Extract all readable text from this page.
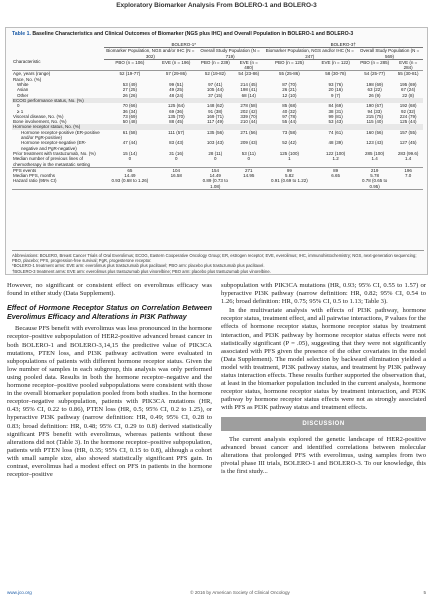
Exploratory Biomarker Analysis From BOLERO-1 and BOLERO-3
Table 1. Baseline Characteristics and Clinical Outcomes of Biomarker (NGS plus IHC) and Overall Population in BOLERO-1 and BOLERO-3
	BOLERO-1*				BOLERO-3†			
	Biomarker Population, NGS and/or IHC (N = 302)		Overall Study Population (N = 719)		Biomarker Population, NGS and/or IHC (N = 247)		Overall Study Population (N = 569)	
Characteristic	PBO (n = 106)	EVE (n = 196)	PBO (n = 239)	EVE (n = 480)	PBO (n = 125)	EVE (n = 122)	PBO (n = 285)	EVE (n = 284)
Age, years (range)	52 (19-77)	57 (29-86)	52 (19-82)	54 (23-86)	55 (25-86)	58 (30-78)	54 (25-77)	55 (30-81)
Race, No. (%)								
White	53 (49)	99 (51)	97 (41)	214 (45)	87 (70)	93 (76)	198 (69)	195 (69)
Asian	27 (25)	49 (25)	105 (44)	198 (41)	26 (21)	20 (16)	63 (22)	67 (24)
Other	26 (26)	48 (24)	37 (15)	68 (14)	12 (10)	9 (7)	26 (9)	22 (8)
ECOG performance status, No. (%)								
0	70 (66)	125 (64)	148 (62)	278 (58)	85 (68)	84 (69)	190 (67)	192 (68)
≥ 1	36 (34)	69 (36)	91 (38)	202 (42)	40 (32)	38 (31)	94 (33)	92 (32)
Visceral disease, No. (%)	73 (69)	135 (70)	169 (71)	339 (70)	97 (78)	99 (81)	215 (75)	224 (79)
Bone involvement, No. (%)	50 (48)	88 (45)	117 (49)	210 (44)	55 (44)	53 (43)	115 (40)	125 (44)
Hormone receptor status, No. (%)								
Hormone receptor-positive (ER-positive and/or PgR-positive)	61 (58)	111 (57)	135 (56)	271 (56)	73 (58)	74 (61)	160 (56)	157 (55)
Hormone receptor-negative (ER-negative and PgR-negative)	47 (44)	83 (43)	103 (43)	209 (43)	52 (42)	48 (39)	123 (43)	127 (45)
Prior treatment with trastuzumab, No. (%)	15 (14)	31 (16)	28 (11)	53 (11)	125 (100)	122 (100)	285 (100)	283 (99.6)
Median number of previous lines of chemotherapy in the metastatic setting	0	0	0	0	1	1.2	1.4	1.4
PFS events	65	104	154	271	99	89	219	196
Median PFS, months	14.49	16.58	14.49	14.95	5.82	6.65	5.78	7.0
Hazard ratio (95% CI)	0.93 (0.68 to 1.26)		0.89 (0.73 to 1.08)		0.91 (0.69 to 1.22)		0.78 (0.65 to 0.95)	
Abbreviations: BOLERO, Breast Cancer Trials of Oral Everolimus; ECOG, Eastern Cooperative Oncology Group; ER, estrogen receptor; EVE, everolimus; IHC, immunohistochemistry; NGS, next-generation sequencing; PBO, placebo; PFS, progression-free survival; PgR, progesterone receptor.
*BOLERO-1 treatment arms: EVE arm: everolimus plus trastuzumab plus paclitaxel; PBO arm: placebo plus trastuzumab plus paclitaxel.
†BOLERO-3 treatment arms: EVE arm: everolimus plus trastuzumab plus vinorelbine; PBO arm: placebo plus trastuzumab plus vinorelbine.

However, no significant or consistent effect on everolimus efficacy was found in either study (Data Supplement).

Effect of Hormone Receptor Status on Correlation Between Everolimus Efficacy and Alterations in PI3K Pathway

Because PFS benefit with everolimus was less pronounced in the hormone receptor–positive subpopulation of HER2-positive advanced breast cancer in both BOLERO-1 and BOLERO-3,14,15 the predictive value of PIK3CA mutations, PTEN loss, and PI3K pathway activation were evaluated in subpopulations of patients with different hormone receptor status. Given the low number of samples in each subgroup, this analysis was only performed using pooled data. Results in both the hormone receptor–negative and the hormone receptor–positive pooled subpopulations were consistent with those in the overall biomarker population pooled from both studies. In the hormone receptor–negative subpopulation, patients with PIK3CA mutations (HR, 0.43; 95% CI, 0.22 to 0.86), PTEN loss (HR, 0.5; 95% CI, 0.2 to 1.25), or hyperactive PI3K pathway (narrow definition: HR, 0.49; 95% CI, 0.28 to 0.83; broad definition: HR, 0.48; 95% CI, 0.29 to 0.8) derived statistically significant PFS benefit with everolimus, whereas patients without these alterations did not (Table 3). In the hormone receptor–positive subpopulation, patients with PTEN loss (HR, 0.35; 95% CI, 0.15 to 0.8), although a cohort with small sample size, also showed statistically significant PFS gain. In contrast, everolimus had a modest effect on PFS in patients in the hormone receptor–positive

subpopulation with PIK3CA mutations (HR, 0.93; 95% CI, 0.55 to 1.57) or hyperactive PI3K pathway (narrow definition: HR, 0.82; 95% CI, 0.54 to 1.26; broad definition: HR, 0.75; 95% CI, 0.5 to 1.13; Table 3).

In the multivariate analysis with effects of PI3K pathway, hormone receptor status, treatment effect, and all pairwise interactions, P values for the effects of hormone receptor status, hormone receptor status by treatment interaction, and PI3K pathway by hormone receptor status effects were not statistically significant (P = .05), suggesting that they were not significantly associated with PFS given the presence of the other covariates in the model (Data Supplement). The model selection by backward elimination yielded a model with treatment, PI3K pathway status, and treatment by PI3K pathway status interaction effects. These results further supported the observation that, at least in the biomarker population included in the current analysis, hormone receptor status, hormone receptor status by treatment interaction, and PI3K pathway by hormone receptor status effects were not as strongly associated with PFS as PI3K pathway status and treatment effects.

DISCUSSION

The current analysis explored the genetic landscape of HER2-positive advanced breast cancer and identified correlations between molecular alterations that prolonged PFS with everolimus, using samples from two pivotal phase III trials, BOLERO-1 and BOLERO-3. To our knowledge, this is the first study...

www.jco.org	© 2016 by American Society of Clinical Oncology	5
